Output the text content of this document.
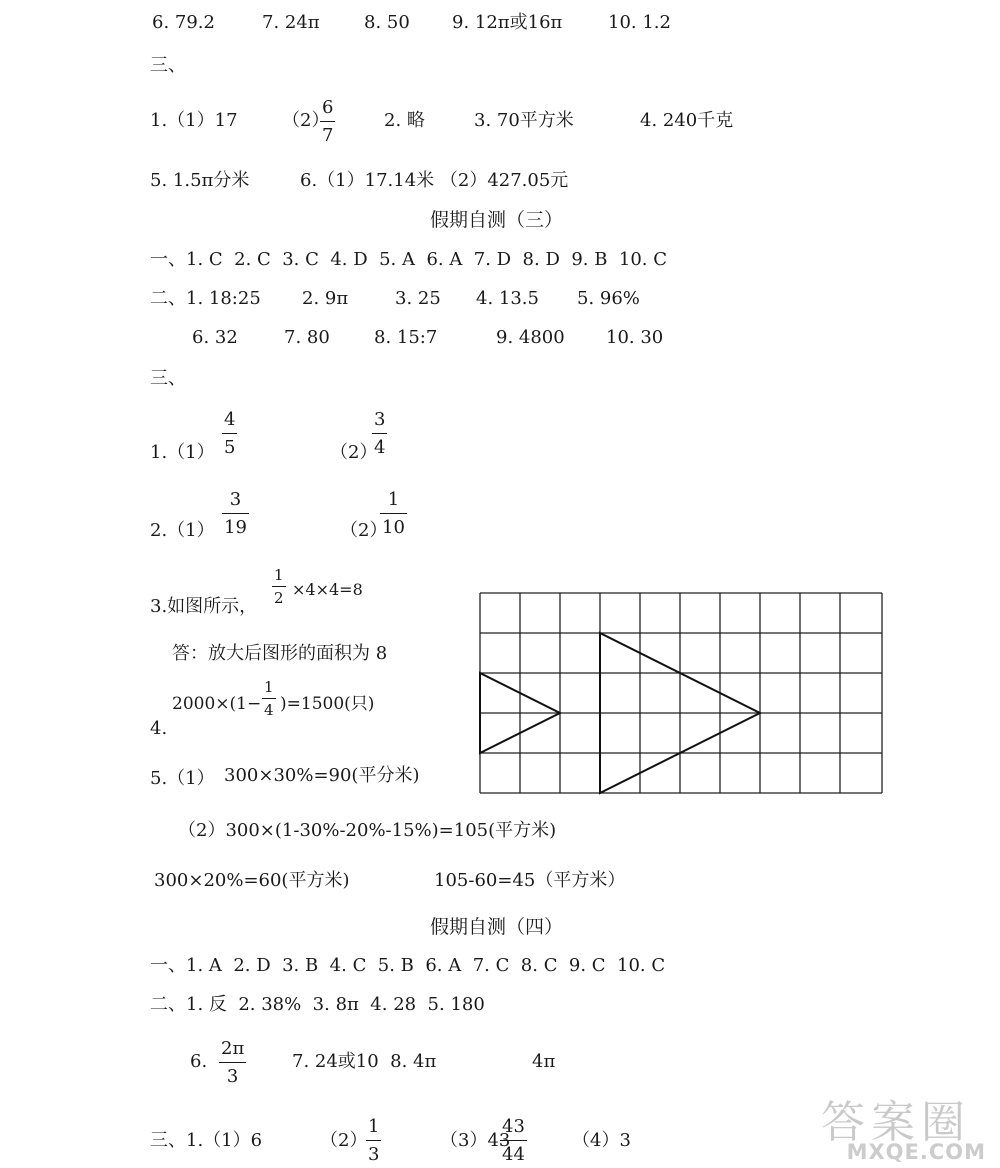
6. 79.2	7. 24π 8. 50 9. 12π或16π	10. 1.2
三、
1.（1）17 （2）
6
7
2. 略	3. 70平方米	4. 240千克
5. 1.5π分米	6.（1）17.14米 （2）427.05元
假期自测（三）
一、1. C  2. C  3. C  4. D  5. A  6. A  7. D  8. D  9. B  10. C
二、1. 18:25 2. 9π	3. 25 4. 13.5 5. 96%
6. 32	7. 80 8. 15:7	9. 4800 10. 30
三、
1.（1）
4
5	（2）
3
4
2.（1）
3
19	（2）
1
10
3.如图所示，
1
2 ×4×4=8
答：放大后图形的面积为 8
2000×(1−
1
4 )=1500(只)
4.
5.（1） 300×30%=90(平分米)
（2）300×(1-30%-20%-15%)=105(平方米)
300×20%=60(平方米)	105-60=45（平方米）
假期自测（四）
一、1. A  2. D  3. B  4. C  5. B  6. A  7. C  8. C  9. C  10. C
二、1. 反  2. 38%  3. 8π  4. 28  5. 180
6.
2π
3
7. 24或10  8. 4π	4π
三、1.（1）6	（2）
1
3
（3）43
43
44
（4）3	答案圈
MXQE.COM
